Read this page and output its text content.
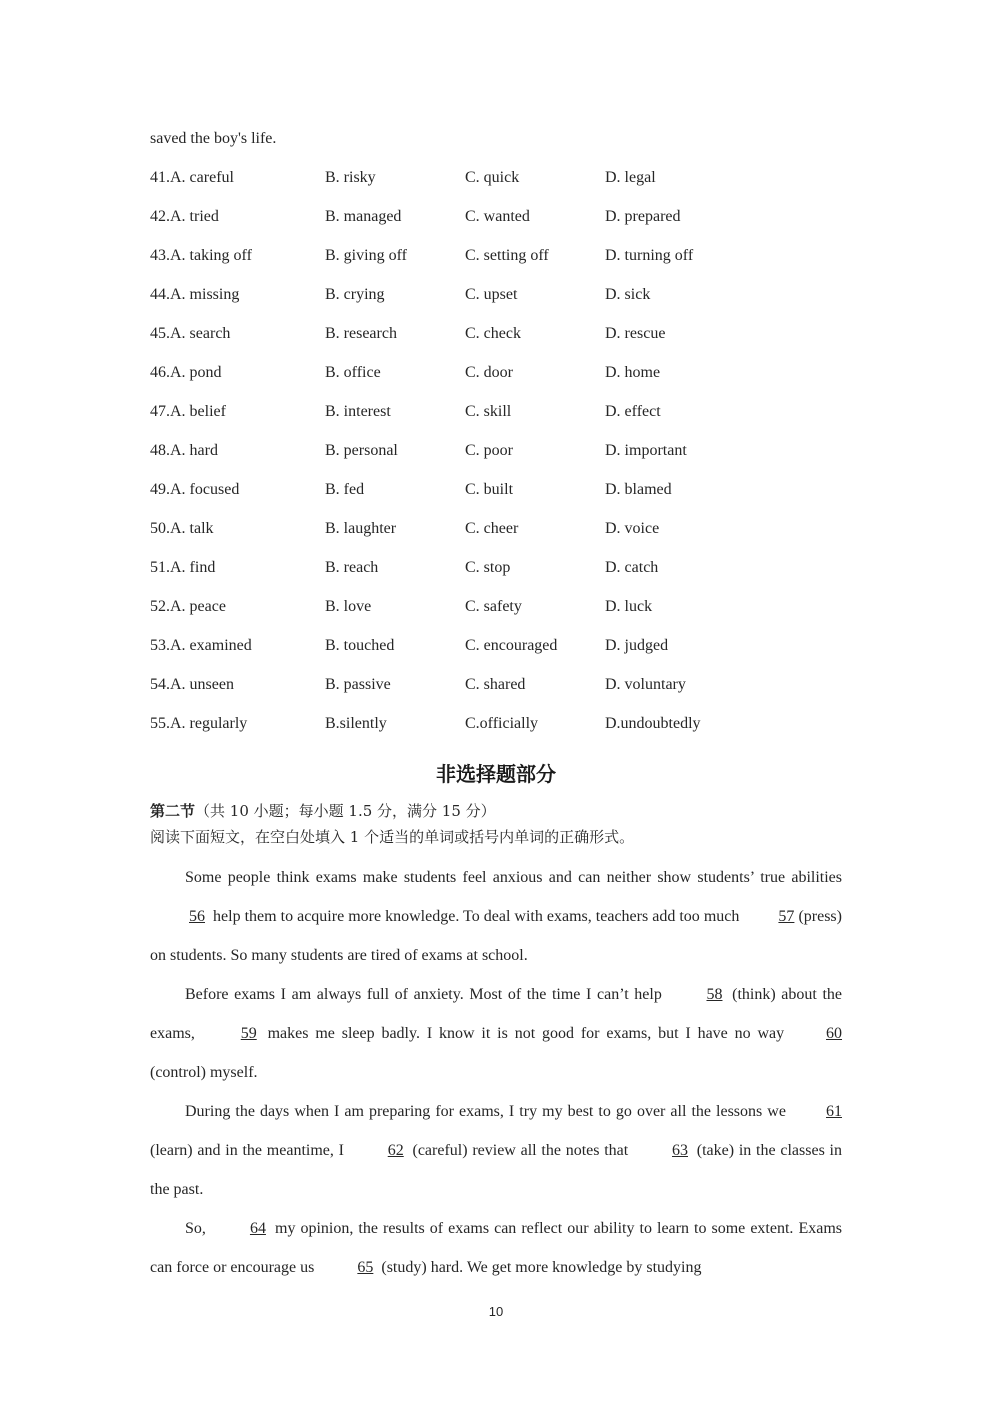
saved the boy's life.
41.A. careful	B. risky	C. quick	D. legal
42.A. tried	B. managed	C. wanted	D. prepared
43.A. taking off	B. giving off	C. setting off	D. turning off
44.A. missing	B. crying	C. upset	D. sick
45.A. search	B. research	C. check	D. rescue
46.A. pond	B. office	C. door	D. home
47.A. belief	B. interest	C. skill	D. effect
48.A. hard	B. personal	C. poor	D. important
49.A. focused	B. fed	C. built	D. blamed
50.A. talk	B. laughter	C. cheer	D. voice
51.A. find	B. reach	C. stop	D. catch
52.A. peace	B. love	C. safety	D. luck
53.A. examined	B. touched	C. encouraged	D. judged
54.A. unseen	B. passive	C. shared	D. voluntary
55.A. regularly	B.silently	C.officially	D.undoubtedly
非选择题部分
第二节（共 10 小题；每小题 1.5 分，满分 15 分）
阅读下面短文，在空白处填入 1 个适当的单词或括号内单词的正确形式。

Some people think exams make students feel anxious and can neither show students’ true abilities 56 help them to acquire more knowledge. To deal with exams, teachers add too much 57 (press) on students. So many students are tired of exams at school.

Before exams I am always full of anxiety. Most of the time I can’t help 58 (think) about the exams, 59 makes me sleep badly. I know it is not good for exams, but I have no way 60 (control) myself.

During the days when I am preparing for exams, I try my best to go over all the lessons we 61 (learn) and in the meantime, I 62 (careful) review all the notes that 63 (take) in the classes in the past.

So, 64 my opinion, the results of exams can reflect our ability to learn to some extent. Exams can force or encourage us 65 (study) hard. We get more knowledge by studying

10
